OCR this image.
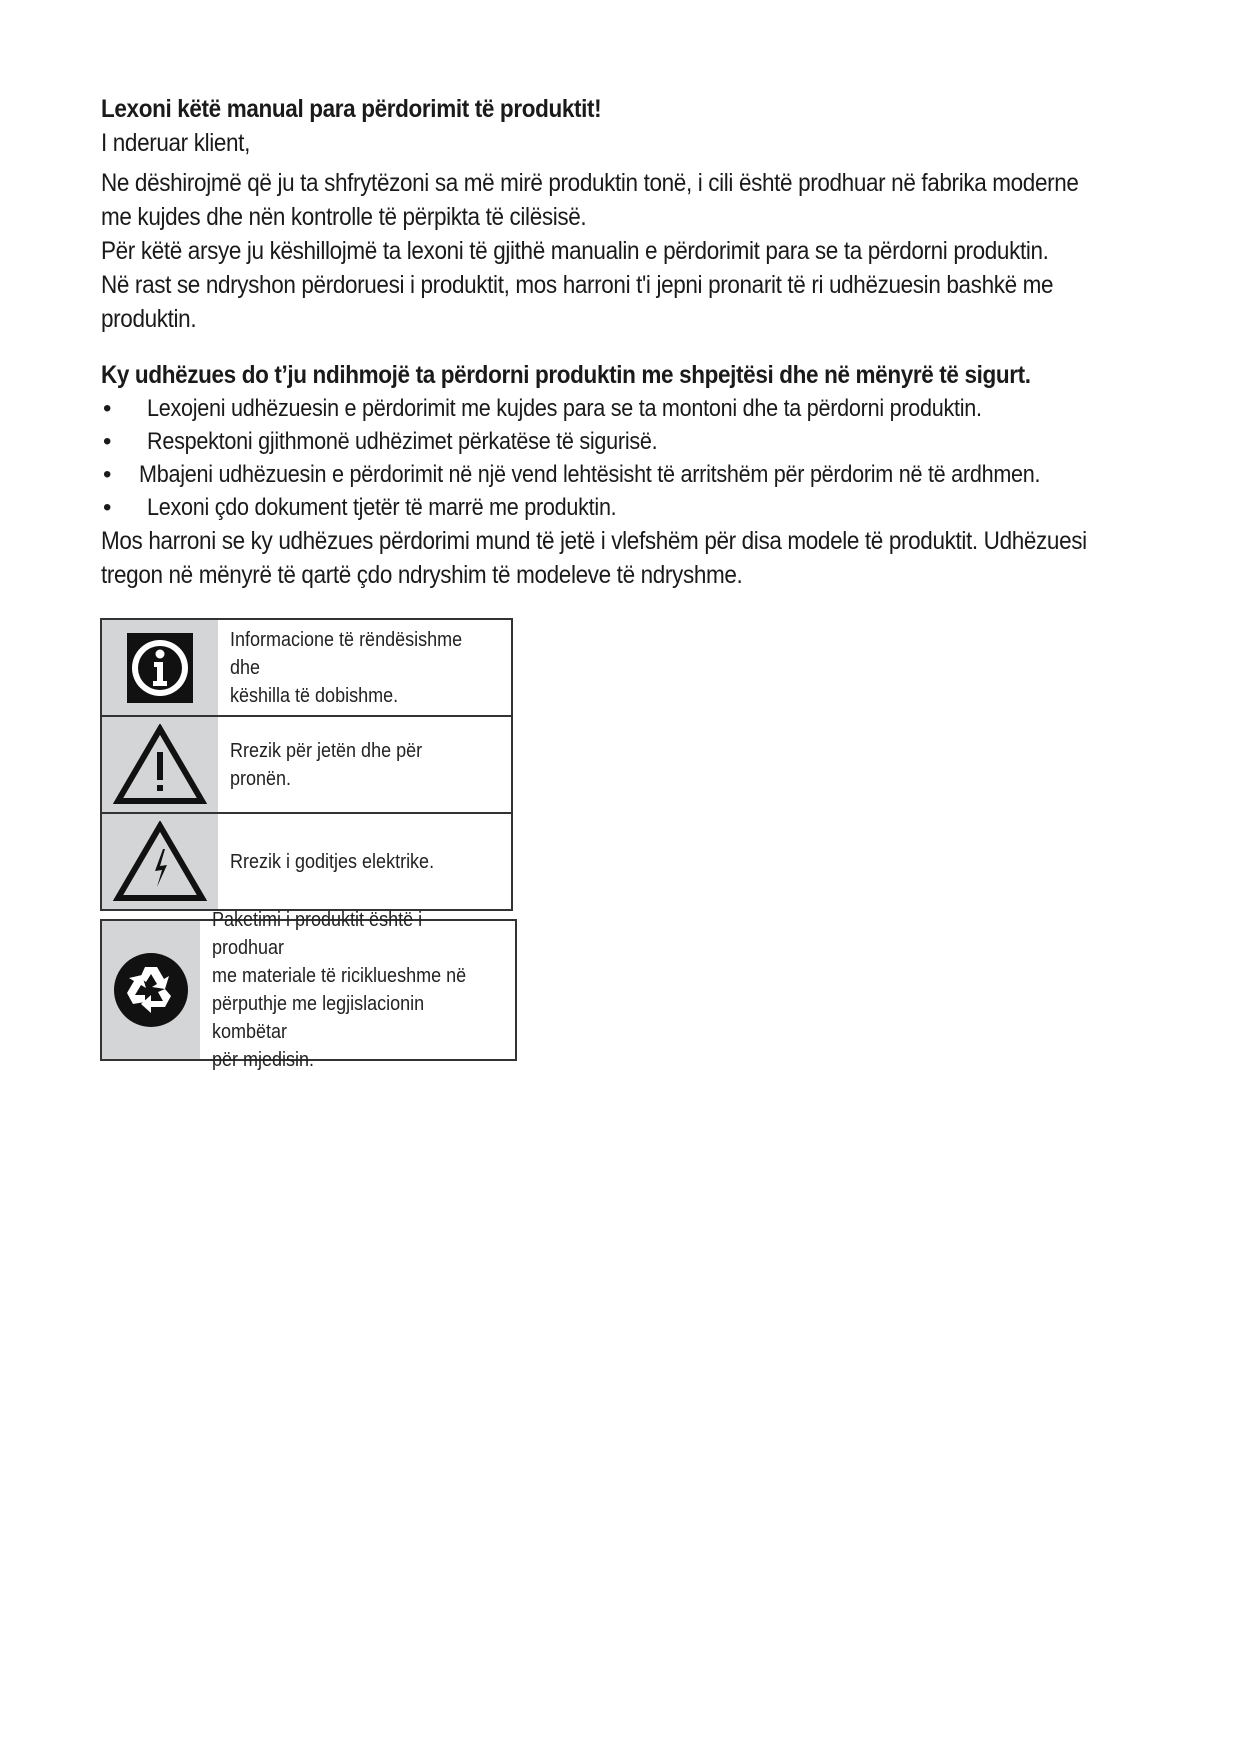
Lexoni këtë manual para përdorimit të produktit!
I nderuar klient,
Ne dëshirojmë që ju ta shfrytëzoni sa më mirë produktin tonë, i cili është prodhuar në fabrika moderne
me kujdes dhe nën kontrolle të përpikta të cilësisë.
Për këtë arsye ju këshillojmë ta lexoni të gjithë manualin e përdorimit para se ta përdorni produktin.
Në rast se ndryshon përdoruesi i produktit, mos harroni t'i jepni pronarit të ri udhëzuesin bashkë me
produktin.
Ky udhëzues do t’ju ndihmojë ta përdorni produktin me shpejtësi dhe në mënyrë të sigurt.
• Lexojeni udhëzuesin e përdorimit me kujdes para se ta montoni dhe ta përdorni produktin.
• Respektoni gjithmonë udhëzimet përkatëse të sigurisë.
• Mbajeni udhëzuesin e përdorimit në një vend lehtësisht të arritshëm për përdorim në të ardhmen.
• Lexoni çdo dokument tjetër të marrë me produktin.
Mos harroni se ky udhëzues përdorimi mund të jetë i vlefshëm për disa modele të produktit. Udhëzuesi
tregon në mënyrë të qartë çdo ndryshim të modeleve të ndryshme.
Informacione të rëndësishme dhe
këshilla të dobishme.
Rrezik për jetën dhe për pronën.
Rrezik i goditjes elektrike.
Paketimi i produktit është i prodhuar
me materiale të ricikluesh​me në
përputhje me legjislacionin kombëtar
për mjedisin.
